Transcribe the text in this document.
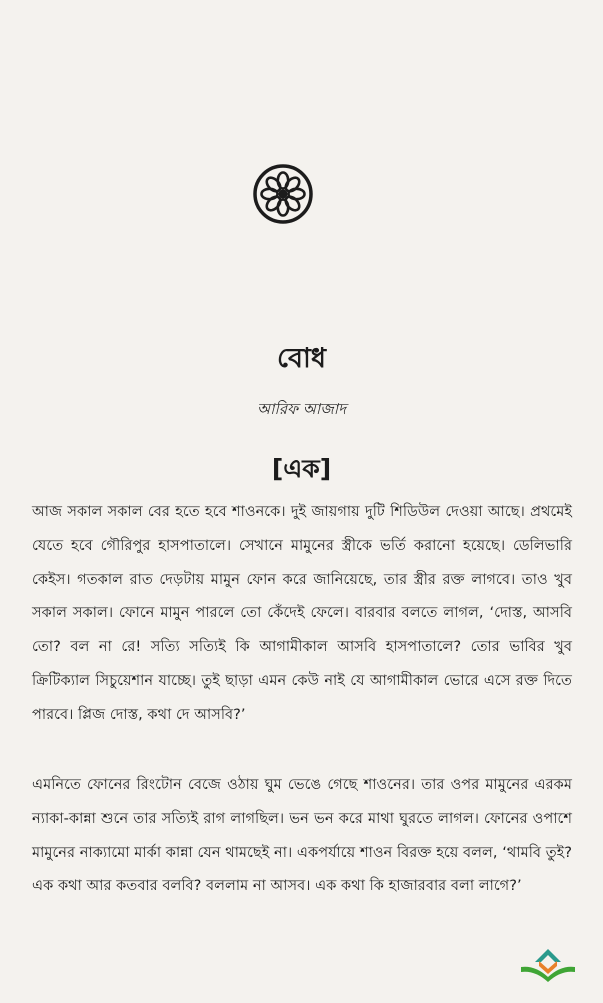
বোধ
আরিফ আজাদ
[এক]

আজ সকাল সকাল বের হতে হবে শাওনকে। দুই জায়গায় দুটি শিডিউল দেওয়া আছে। প্রথমেই যেতে হবে গৌরিপুর হাসপাতালে। সেখানে মামুনের স্ত্রীকে ভর্তি করানো হয়েছে। ডেলিভারি কেইস। গতকাল রাত দেড়টায় মামুন ফোন করে জানিয়েছে, তার স্ত্রীর রক্ত লাগবে। তাও খুব সকাল সকাল। ফোনে মামুন পারলে তো কেঁদেই ফেলে। বারবার বলতে লাগল, ‘দোস্ত, আসবি তো? বল না রে! সত্যি সত্যিই কি আগামীকাল আসবি হাসপাতালে? তোর ভাবির খুব ক্রিটিক্যাল সিচুয়েশান যাচ্ছে। তুই ছাড়া এমন কেউ নাই যে আগামীকাল ভোরে এসে রক্ত দিতে পারবে। প্লিজ দোস্ত, কথা দে আসবি?’

এমনিতে ফোনের রিংটোন বেজে ওঠায় ঘুম ভেঙে গেছে শাওনের। তার ওপর মামুনের এরকম ন্যাকা-কান্না শুনে তার সত্যিই রাগ লাগছিল। ভন ভন করে মাথা ঘুরতে লাগল। ফোনের ওপাশে মামুনের নাক্যামো মার্কা কান্না যেন থামছেই না। একপর্যায়ে শাওন বিরক্ত হয়ে বলল, ‘থামবি তুই? এক কথা আর কতবার বলবি? বললাম না আসব। এক কথা কি হাজারবার বলা লাগে?’
